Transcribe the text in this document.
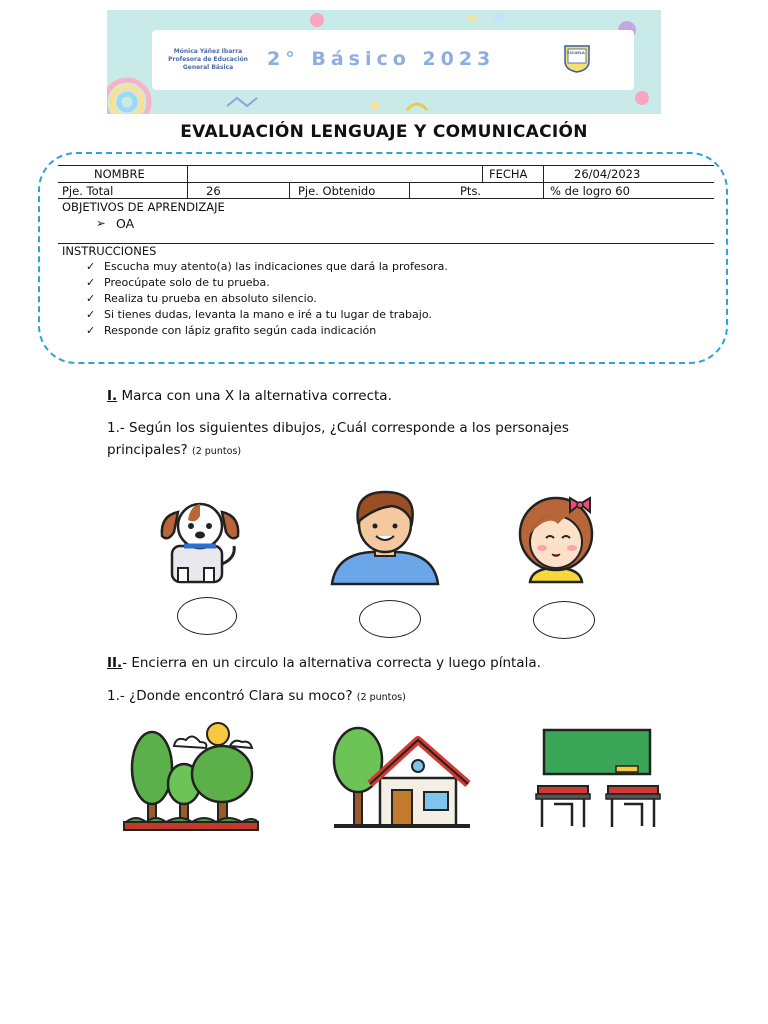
Mónica Yáñez Ibarra
Profesora de Educación
General Básica	2° Básico 2023	ESCUELA
EVALUACIÓN LENGUAJE Y COMUNICACIÓN
NOMBRE	FECHA	26/04/2023
Pje. Total	26	Pje. Obtenido	Pts.	% de logro 60
OBJETIVOS DE APRENDIZAJE
➢ OA
INSTRUCCIONES
✓ Escucha muy atento(a) las indicaciones que dará la profesora.
✓ Preocúpate solo de tu prueba.
✓ Realiza tu prueba en absoluto silencio.
✓ Si tienes dudas, levanta la mano e iré a tu lugar de trabajo.
✓ Responde con lápiz grafito según cada indicación
I. Marca con una X la alternativa correcta.
1.- Según los siguientes dibujos, ¿Cuál corresponde a los personajes
principales? (2 puntos)
II.- Encierra en un circulo la alternativa correcta y luego píntala.
1.- ¿Donde encontró Clara su moco? (2 puntos)
